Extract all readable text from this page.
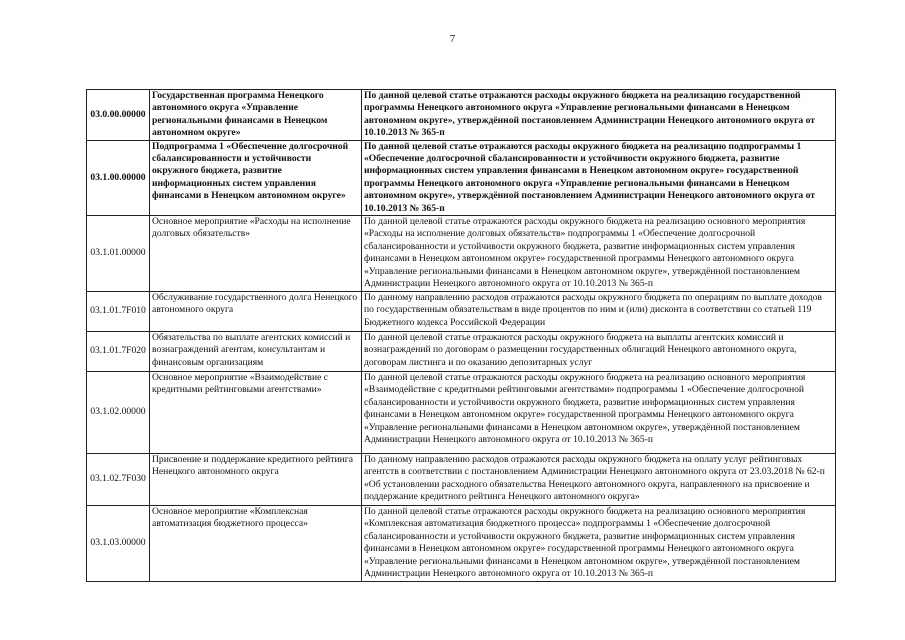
7
03.0.00.00000	Государственная программа Ненецкого автономного округа «Управление региональными финансами в Ненецком автономном округе»	По данной целевой статье отражаются расходы окружного бюджета на реализацию государственной программы Ненецкого автономного округа «Управление региональными финансами в Ненецком автономном округе», утверждённой постановлением Администрации Ненецкого автономного округа от 10.10.2013 № 365-п
03.1.00.00000	Подпрограмма 1 «Обеспечение долгосрочной сбалансированности и устойчивости окружного бюджета, развитие информационных систем управления финансами в Ненецком автономном округе»	По данной целевой статье отражаются расходы окружного бюджета на реализацию подпрограммы 1 «Обеспечение долгосрочной сбалансированности и устойчивости окружного бюджета, развитие информационных систем управления финансами в Ненецком автономном округе» государственной программы Ненецкого автономного округа «Управление региональными финансами в Ненецком автономном округе», утверждённой постановлением Администрации Ненецкого автономного округа от 10.10.2013 № 365-п
03.1.01.00000	Основное мероприятие «Расходы на исполнение долговых обязательств»	По данной целевой статье отражаются расходы окружного бюджета на реализацию основного мероприятия «Расходы на исполнение долговых обязательств» подпрограммы 1 «Обеспечение долгосрочной сбалансированности и устойчивости окружного бюджета, развитие информационных систем управления финансами в Ненецком автономном округе» государственной программы Ненецкого автономного округа «Управление региональными финансами в Ненецком автономном округе», утверждённой постановлением Администрации Ненецкого автономного округа от 10.10.2013 № 365-п
03.1.01.7F010	Обслуживание государственного долга Ненецкого автономного округа	По данному направлению расходов отражаются расходы окружного бюджета по операциям по выплате доходов по государственным обязательствам в виде процентов по ним и (или) дисконта в соответствии со статьей 119 Бюджетного кодекса Российской Федерации
03.1.01.7F020	Обязательства по выплате агентских комиссий и вознаграждений агентам, консультантам и финансовым организациям	По данной целевой статье отражаются расходы окружного бюджета на выплаты агентских комиссий и вознаграждений по договорам о размещении государственных облигаций Ненецкого автономного округа, договорам листинга и по оказанию депозитарных услуг
03.1.02.00000	Основное мероприятие «Взаимодействие с кредитными рейтинговыми агентствами»	По данной целевой статье отражаются расходы окружного бюджета на реализацию основного мероприятия «Взаимодействие с кредитными рейтинговыми агентствами» подпрограммы 1 «Обеспечение долгосрочной сбалансированности и устойчивости окружного бюджета, развитие информационных систем управления финансами в Ненецком автономном округе» государственной программы Ненецкого автономного округа «Управление региональными финансами в Ненецком автономном округе», утверждённой постановлением Администрации Ненецкого автономного округа от 10.10.2013 № 365-п
03.1.02.7F030	Присвоение и поддержание кредитного рейтинга Ненецкого автономного округа	По данному направлению расходов отражаются расходы окружного бюджета на оплату услуг рейтинговых агентств в соответствии с постановлением Администрации Ненецкого автономного округа от 23.03.2018 № 62-п «Об установлении расходного обязательства Ненецкого автономного округа, направленного на присвоение и поддержание кредитного рейтинга Ненецкого автономного округа»
03.1.03.00000	Основное мероприятие «Комплексная автоматизация бюджетного процесса»	По данной целевой статье отражаются расходы окружного бюджета на реализацию основного мероприятия «Комплексная автоматизация бюджетного процесса» подпрограммы 1 «Обеспечение долгосрочной сбалансированности и устойчивости окружного бюджета, развитие информационных систем управления финансами в Ненецком автономном округе» государственной программы Ненецкого автономного округа «Управление региональными финансами в Ненецком автономном округе», утверждённой постановлением Администрации Ненецкого автономного округа от 10.10.2013 № 365-п
